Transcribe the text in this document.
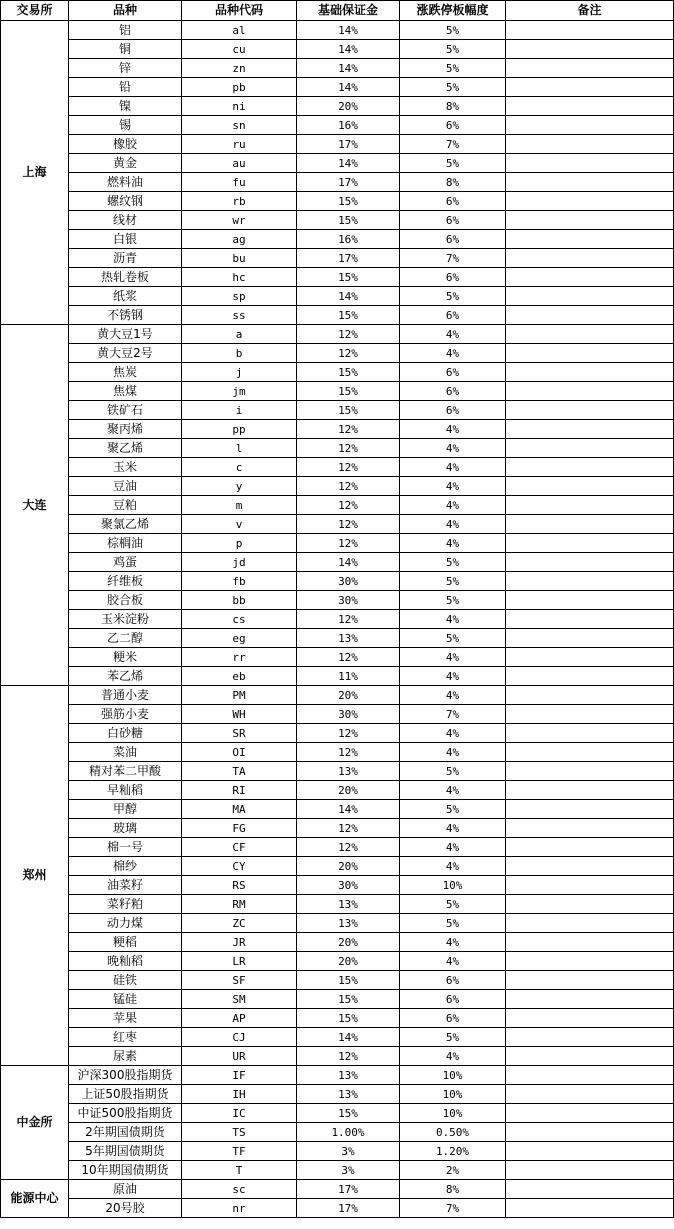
交易所	品种	品种代码	基础保证金	涨跌停板幅度	备注
上海	铝	al	14%	5%	
	铜	cu	14%	5%	
	锌	zn	14%	5%	
	铅	pb	14%	5%	
	镍	ni	20%	8%	
	锡	sn	16%	6%	
	橡胶	ru	17%	7%	
	黄金	au	14%	5%	
	燃料油	fu	17%	8%	
	螺纹钢	rb	15%	6%	
	线材	wr	15%	6%	
	白银	ag	16%	6%	
	沥青	bu	17%	7%	
	热轧卷板	hc	15%	6%	
	纸浆	sp	14%	5%	
	不锈钢	ss	15%	6%	
大连	黄大豆1号	a	12%	4%	
	黄大豆2号	b	12%	4%	
	焦炭	j	15%	6%	
	焦煤	jm	15%	6%	
	铁矿石	i	15%	6%	
	聚丙烯	pp	12%	4%	
	聚乙烯	l	12%	4%	
	玉米	c	12%	4%	
	豆油	y	12%	4%	
	豆粕	m	12%	4%	
	聚氯乙烯	v	12%	4%	
	棕榈油	p	12%	4%	
	鸡蛋	jd	14%	5%	
	纤维板	fb	30%	5%	
	胶合板	bb	30%	5%	
	玉米淀粉	cs	12%	4%	
	乙二醇	eg	13%	5%	
	粳米	rr	12%	4%	
	苯乙烯	eb	11%	4%	
郑州	普通小麦	PM	20%	4%	
	强筋小麦	WH	30%	7%	
	白砂糖	SR	12%	4%	
	菜油	OI	12%	4%	
	精对苯二甲酸	TA	13%	5%	
	早籼稻	RI	20%	4%	
	甲醇	MA	14%	5%	
	玻璃	FG	12%	4%	
	棉一号	CF	12%	4%	
	棉纱	CY	20%	4%	
	油菜籽	RS	30%	10%	
	菜籽粕	RM	13%	5%	
	动力煤	ZC	13%	5%	
	粳稻	JR	20%	4%	
	晚籼稻	LR	20%	4%	
	硅铁	SF	15%	6%	
	锰硅	SM	15%	6%	
	苹果	AP	15%	6%	
	红枣	CJ	14%	5%	
	尿素	UR	12%	4%	
中金所	沪深300股指期货	IF	13%	10%	
	上证50股指期货	IH	13%	10%	
	中证500股指期货	IC	15%	10%	
	2年期国债期货	TS	1.00%	0.50%	
	5年期国债期货	TF	3%	1.20%	
	10年期国债期货	T	3%	2%	
能源中心	原油	sc	17%	8%	
	20号胶	nr	17%	7%	
